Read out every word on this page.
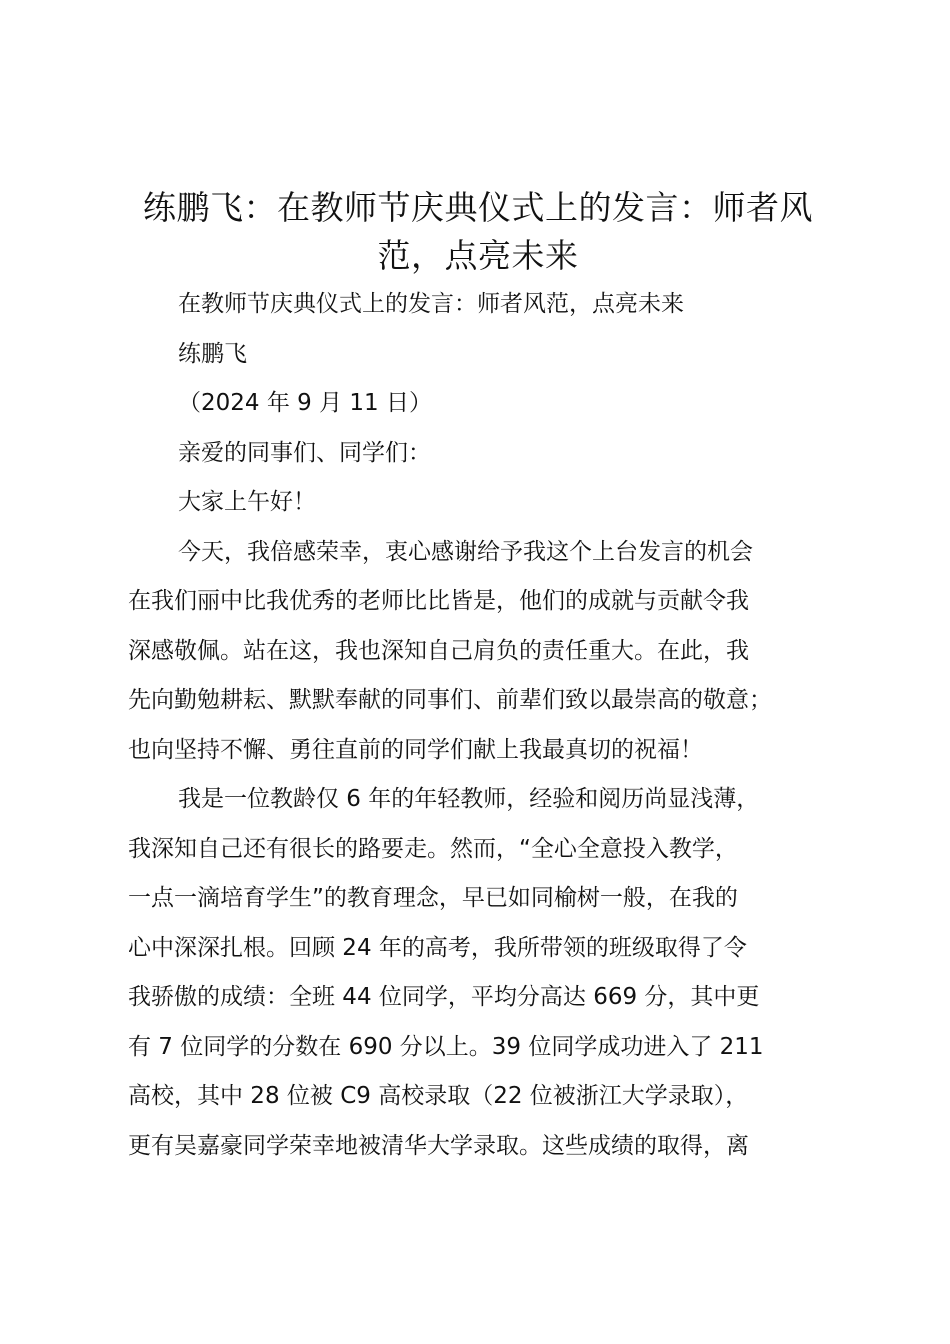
练鹏飞：在教师节庆典仪式上的发言：师者风
范，点亮未来

在教师节庆典仪式上的发言：师者风范，点亮未来

练鹏飞

（2024 年 9 月 11 日）

亲爱的同事们、同学们：

大家上午好！

今天，我倍感荣幸，衷心感谢给予我这个上台发言的机会
在我们丽中比我优秀的老师比比皆是，他们的成就与贡献令我
深感敬佩。站在这，我也深知自己肩负的责任重大。在此，我
先向勤勉耕耘、默默奉献的同事们、前辈们致以最崇高的敬意；
也向坚持不懈、勇往直前的同学们献上我最真切的祝福！

我是一位教龄仅 6 年的年轻教师，经验和阅历尚显浅薄，
我深知自己还有很长的路要走。然而，“全心全意投入教学，
一点一滴培育学生”的教育理念，早已如同榆树一般，在我的
心中深深扎根。回顾 24 年的高考，我所带领的班级取得了令
我骄傲的成绩：全班 44 位同学，平均分高达 669 分，其中更
有 7 位同学的分数在 690 分以上。39 位同学成功进入了 211
高校，其中 28 位被 C9 高校录取（22 位被浙江大学录取），
更有吴嘉豪同学荣幸地被清华大学录取。这些成绩的取得，离
